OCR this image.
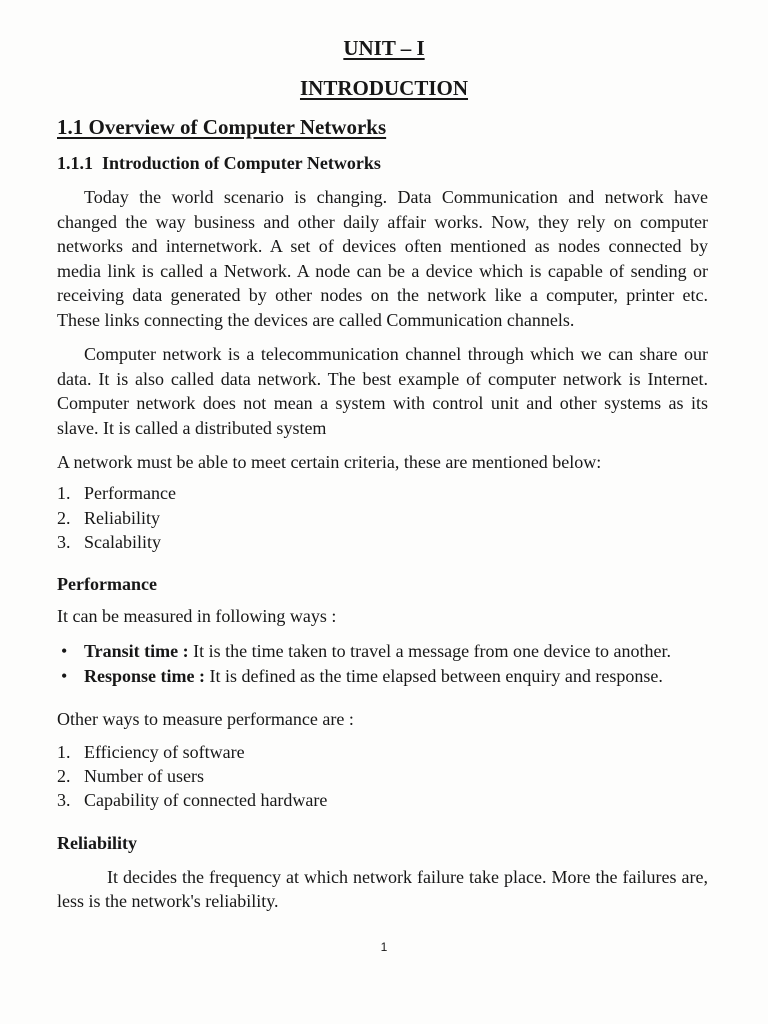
UNIT – I
INTRODUCTION
1.1 Overview of Computer Networks
1.1.1 Introduction of Computer Networks
Today the world scenario is changing. Data Communication and network have
changed the way business and other daily affair works. Now, they rely on computer
networks and internetwork. A set of devices often mentioned as nodes connected by
media link is called a Network. A node can be a device which is capable of sending or
receiving data generated by other nodes on the network like a computer, printer etc.
These links connecting the devices are called Communication channels.
Computer network is a telecommunication channel through which we can share our
data. It is also called data network. The best example of computer network is Internet.
Computer network does not mean a system with control unit and other systems as its
slave. It is called a distributed system
A network must be able to meet certain criteria, these are mentioned below:
1. Performance
2. Reliability
3. Scalability
Performance
It can be measured in following ways :
• Transit time : It is the time taken to travel a message from one device to another.
• Response time : It is defined as the time elapsed between enquiry and response.
Other ways to measure performance are :
1. Efficiency of software
2. Number of users
3. Capability of connected hardware
Reliability
It decides the frequency at which network failure take place. More the failures are,
less is the network's reliability.
1
